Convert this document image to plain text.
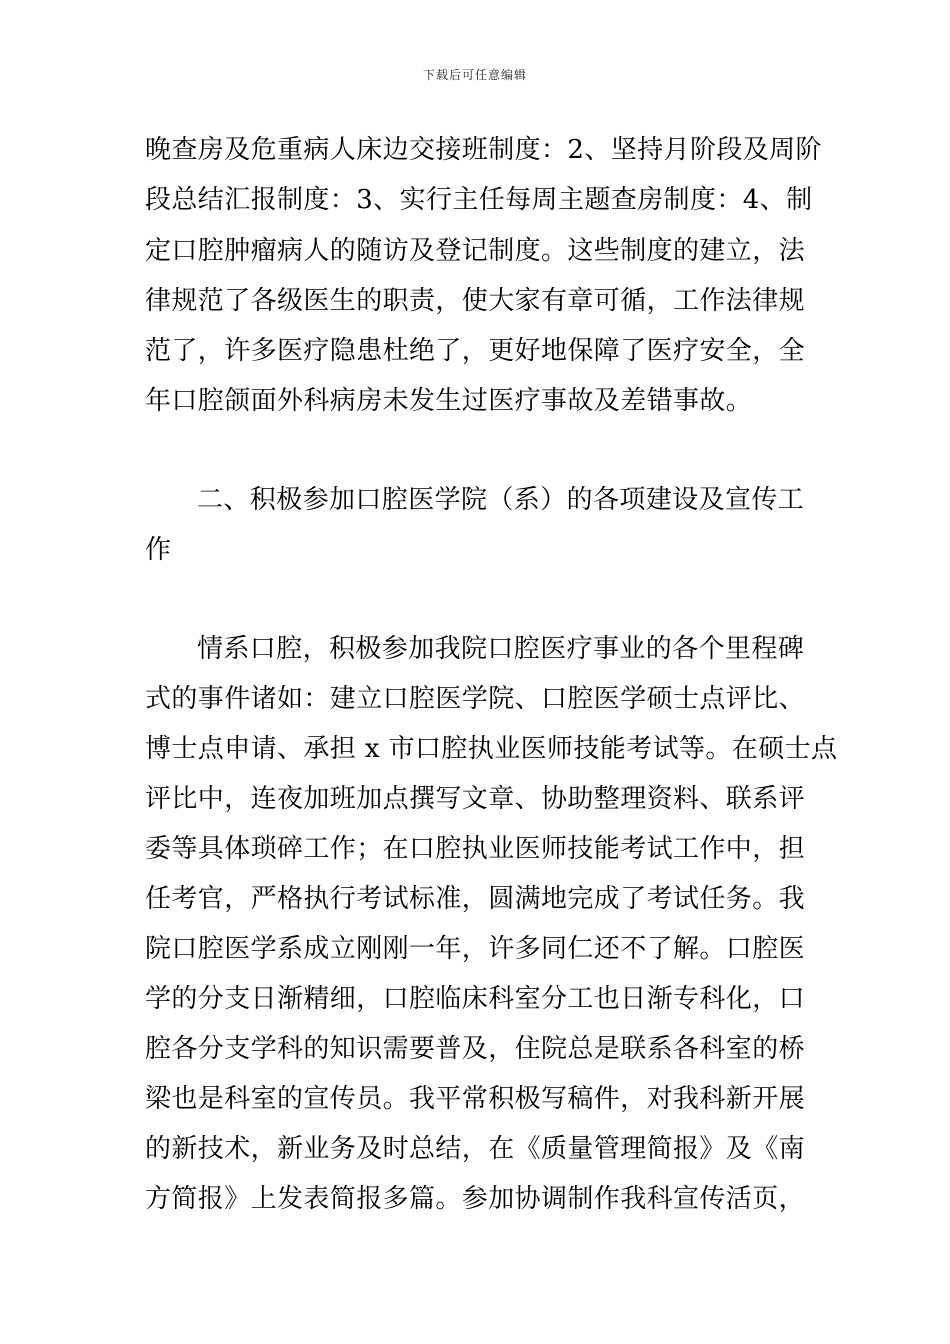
下载后可任意编辑
晚查房及危重病人床边交接班制度：2、坚持月阶段及周阶
段总结汇报制度：3、实行主任每周主题查房制度：4、制
定口腔肿瘤病人的随访及登记制度。这些制度的建立，法
律规范了各级医生的职责，使大家有章可循，工作法律规
范了，许多医疗隐患杜绝了，更好地保障了医疗安全，全
年口腔颌面外科病房未发生过医疗事故及差错事故。
二、积极参加口腔医学院（系）的各项建设及宣传工
作
情系口腔，积极参加我院口腔医疗事业的各个里程碑
式的事件诸如：建立口腔医学院、口腔医学硕士点评比、
博士点申请、承担 x 市口腔执业医师技能考试等。在硕士点
评比中，连夜加班加点撰写文章、协助整理资料、联系评
委等具体琐碎工作；在口腔执业医师技能考试工作中，担
任考官，严格执行考试标准，圆满地完成了考试任务。我
院口腔医学系成立刚刚一年，许多同仁还不了解。口腔医
学的分支日渐精细，口腔临床科室分工也日渐专科化，口
腔各分支学科的知识需要普及，住院总是联系各科室的桥
梁也是科室的宣传员。我平常积极写稿件，对我科新开展
的新技术，新业务及时总结，在《质量管理简报》及《南
方简报》上发表简报多篇。参加协调制作我科宣传活页，
